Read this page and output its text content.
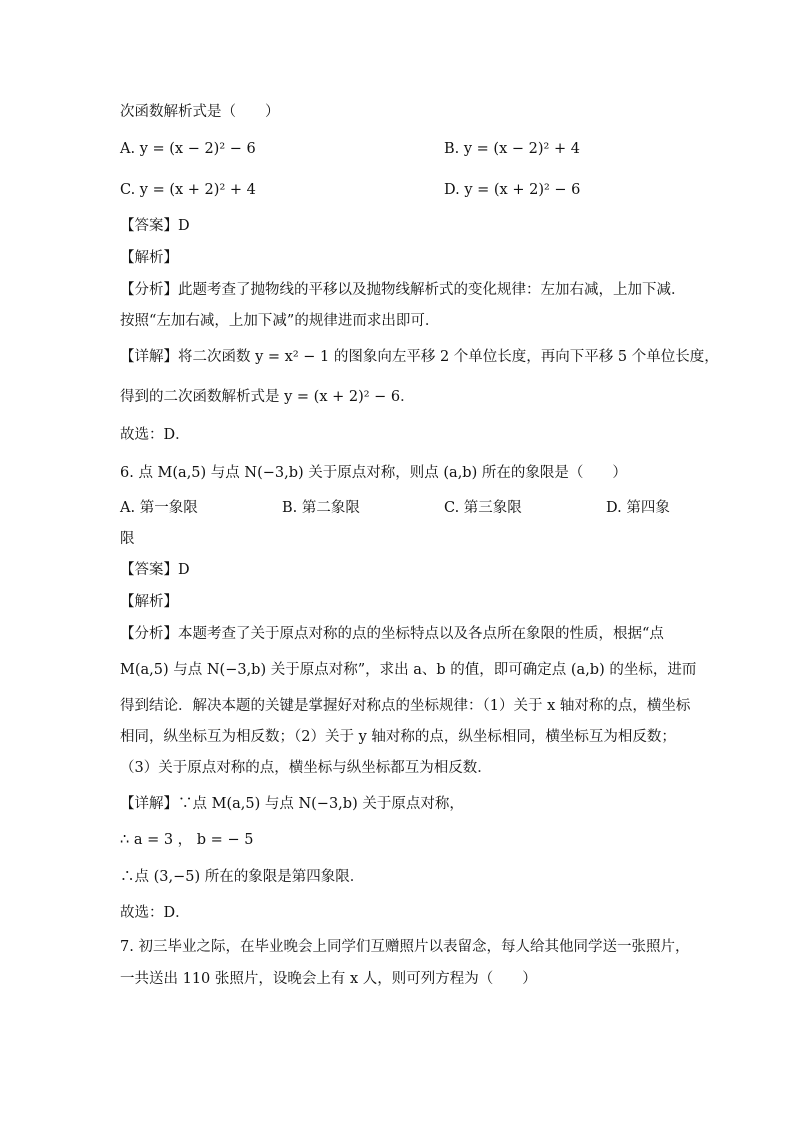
次函数解析式是（　　）
A. y = (x − 2)² − 6	B. y = (x − 2)² + 4
C. y = (x + 2)² + 4	D. y = (x + 2)² − 6
【答案】D
【解析】
【分析】此题考查了抛物线的平移以及抛物线解析式的变化规律：左加右减，上加下减．
按照“左加右减，上加下减”的规律进而求出即可．
【详解】将二次函数 y = x² − 1 的图象向左平移 2 个单位长度，再向下平移 5 个单位长度，
得到的二次函数解析式是 y = (x + 2)² − 6．
故选：D．
6. 点 M(a,5) 与点 N(−3,b) 关于原点对称，则点 (a,b) 所在的象限是（　　）
A. 第一象限	B. 第二象限	C. 第三象限	D. 第四象
限
【答案】D
【解析】
【分析】本题考查了关于原点对称的点的坐标特点以及各点所在象限的性质，根据“点
M(a,5) 与点 N(−3,b) 关于原点对称”，求出 a、b 的值，即可确定点 (a,b) 的坐标，进而
得到结论．解决本题的关键是掌握好对称点的坐标规律：（1）关于 x 轴对称的点，横坐标
相同，纵坐标互为相反数；（2）关于 y 轴对称的点，纵坐标相同，横坐标互为相反数；
（3）关于原点对称的点，横坐标与纵坐标都互为相反数．
【详解】∵点 M(a,5) 与点 N(−3,b) 关于原点对称，
∴ a = 3 ， b = − 5
∴点 (3,−5) 所在的象限是第四象限．
故选：D．
7. 初三毕业之际，在毕业晚会上同学们互赠照片以表留念，每人给其他同学送一张照片，
一共送出 110 张照片，设晚会上有 x 人，则可列方程为（　　）
